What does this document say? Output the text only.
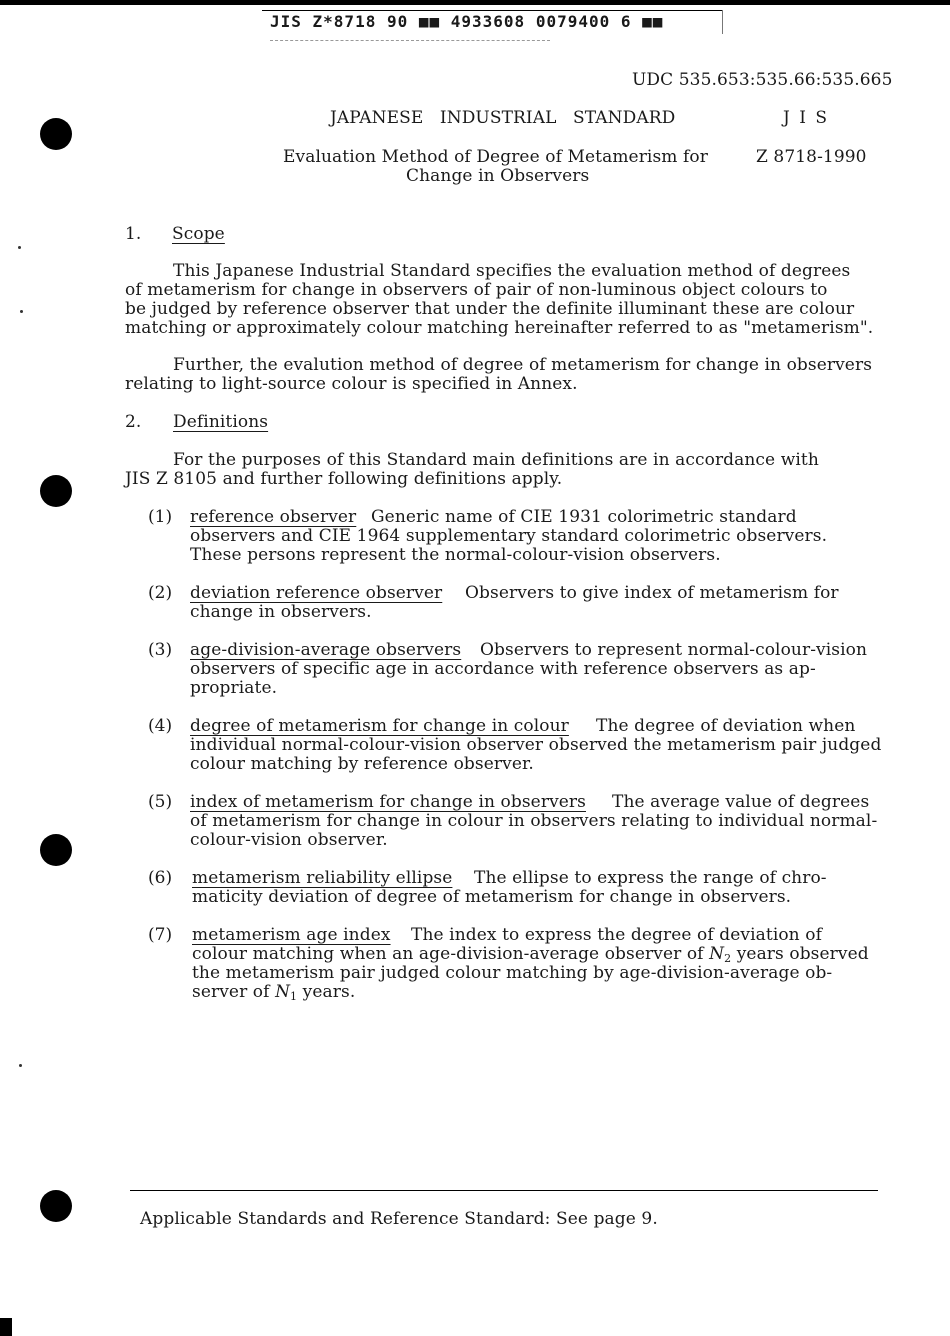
JIS Z*8718 90 ■■ 4933608 0079400 6 ■■
UDC 535.653:535.66:535.665
JAPANESE   INDUSTRIAL   STANDARD	J I S
Evaluation Method of Degree of Metamerism for
Change in Observers
Z 8718-1990
1. Scope
This Japanese Industrial Standard specifies the evaluation method of degrees
of metamerism for change in observers of pair of non-luminous object colours to
be judged by reference observer that under the definite illuminant these are colour
matching or approximately colour matching hereinafter referred to as "metamerism".
Further, the evalution method of degree of metamerism for change in observers
relating to light-source colour is specified in Annex.
2. Definitions
For the purposes of this Standard main definitions are in accordance with
JIS Z 8105 and further following definitions apply.
(1) reference observer Generic name of CIE 1931 colorimetric standard
observers and CIE 1964 supplementary standard colorimetric observers.
These persons represent the normal-colour-vision observers.
(2) deviation reference observer Observers to give index of metamerism for
change in observers.
(3) age-division-average observers Observers to represent normal-colour-vision
observers of specific age in accordance with reference observers as ap-
propriate.
(4) degree of metamerism for change in colour The degree of deviation when
individual normal-colour-vision observer observed the metamerism pair judged
colour matching by reference observer.
(5) index of metamerism for change in observers The average value of degrees
of metamerism for change in colour in observers relating to individual normal-
colour-vision observer.
(6) metamerism reliability ellipse The ellipse to express the range of chro-
maticity deviation of degree of metamerism for change in observers.
(7) metamerism age index The index to express the degree of deviation of
colour matching when an age-division-average observer of $N_2$ years observed
the metamerism pair judged colour matching by age-division-average ob-
server of $N_1$ years.
Applicable Standards and Reference Standard: See page 9.
